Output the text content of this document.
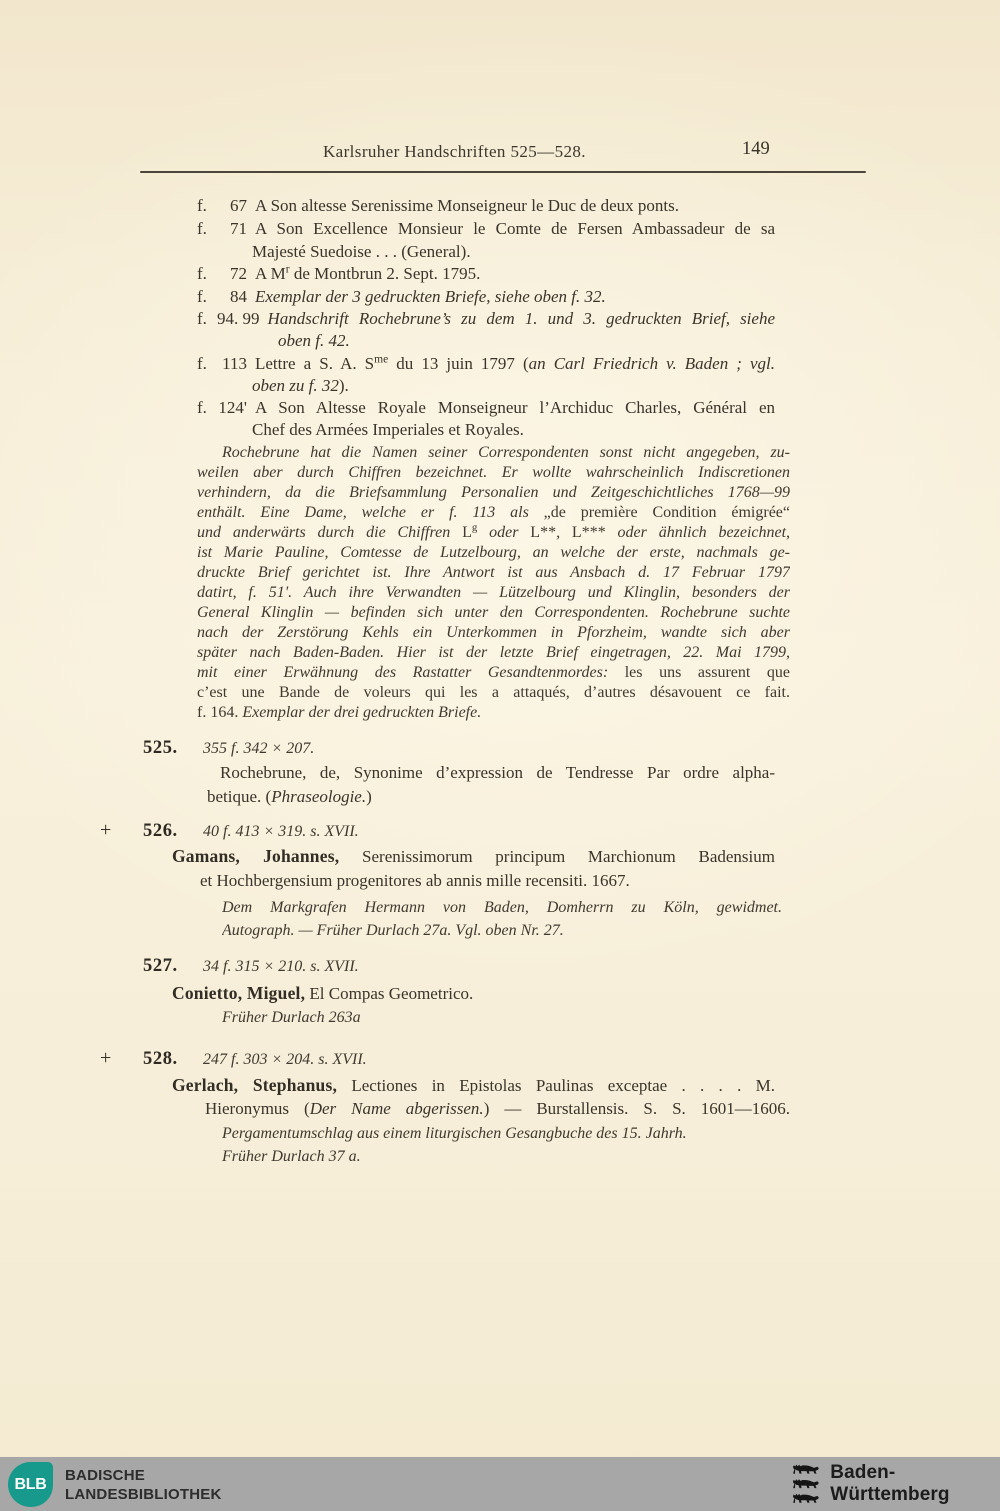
Karlsruher Handschriften 525—528.	149
f. 67 A Son altesse Serenissime Monseigneur le Duc de deux ponts.
f. 71 A Son Excellence Monsieur le Comte de Fersen Ambassadeur de sa
Majesté Suedoise . . . (General).
f. 72 A $M^r$ de Montbrun 2. Sept. 1795.
f. 84 Exemplar der 3 gedruckten Briefe, siehe oben f. 32.
f. 94. 99 Handschrift Rochebrune’s zu dem 1. und 3. gedruckten Brief, siehe
oben f. 42.
f. 113 Lettre a S. A. $S^{me}$ du 13 juin 1797 (an Carl Friedrich v. Baden ; vgl.
oben zu f. 32).
f. 124' A Son Altesse Royale Monseigneur l’Archiduc Charles, Général en
Chef des Armées Imperiales et Royales.
Rochebrune hat die Namen seiner Correspondenten sonst nicht angegeben, zu-
weilen aber durch Chiffren bezeichnet. Er wollte wahrscheinlich Indiscretionen
verhindern, da die Briefsammlung Personalien und Zeitgeschichtliches 1768—99
enthält. Eine Dame, welche er f. 113 als „de première Condition émigrée“
und anderwärts durch die Chiffren $L^g$ oder L**, L*** oder ähnlich bezeichnet,
ist Marie Pauline, Comtesse de Lutzelbourg, an welche der erste, nachmals ge-
druckte Brief gerichtet ist. Ihre Antwort ist aus Ansbach d. 17 Februar 1797
datirt, f. 51'. Auch ihre Verwandten — Lützelbourg und Klinglin, besonders der
General Klinglin — befinden sich unter den Correspondenten. Rochebrune suchte
nach der Zerstörung Kehls ein Unterkommen in Pforzheim, wandte sich aber
später nach Baden-Baden. Hier ist der letzte Brief eingetragen, 22. Mai 1799,
mit einer Erwähnung des Rastatter Gesandtenmordes: les uns assurent que
c’est une Bande de voleurs qui les a attaqués, d’autres désavouent ce fait.
f. 164. Exemplar der drei gedruckten Briefe.
525. 355 f. 342 × 207.
Rochebrune, de, Synonime d’expression de Tendresse Par ordre alpha-
betique. (Phraseologie.)
+ 526. 40 f. 413 × 319. s. XVII.
Gamans, Johannes, Serenissimorum principum Marchionum Badensium
et Hochbergensium progenitores ab annis mille recensiti. 1667.
Dem Markgrafen Hermann von Baden, Domherrn zu Köln, gewidmet.
Autograph. — Früher Durlach 27a. Vgl. oben Nr. 27.
527. 34 f. 315 × 210. s. XVII.
Conietto, Miguel, El Compas Geometrico.
Früher Durlach 263a
+ 528. 247 f. 303 × 204. s. XVII.
Gerlach, Stephanus, Lectiones in Epistolas Paulinas exceptae . . . . M.
Hieronymus (Der Name abgerissen.) — Burstallensis. S. S. 1601—1606.
Pergamentumschlag aus einem liturgischen Gesangbuche des 15. Jahrh.
Früher Durlach 37 a.
BLB
BADISCHE
LANDESBIBLIOTHEK
Baden-Württemberg
